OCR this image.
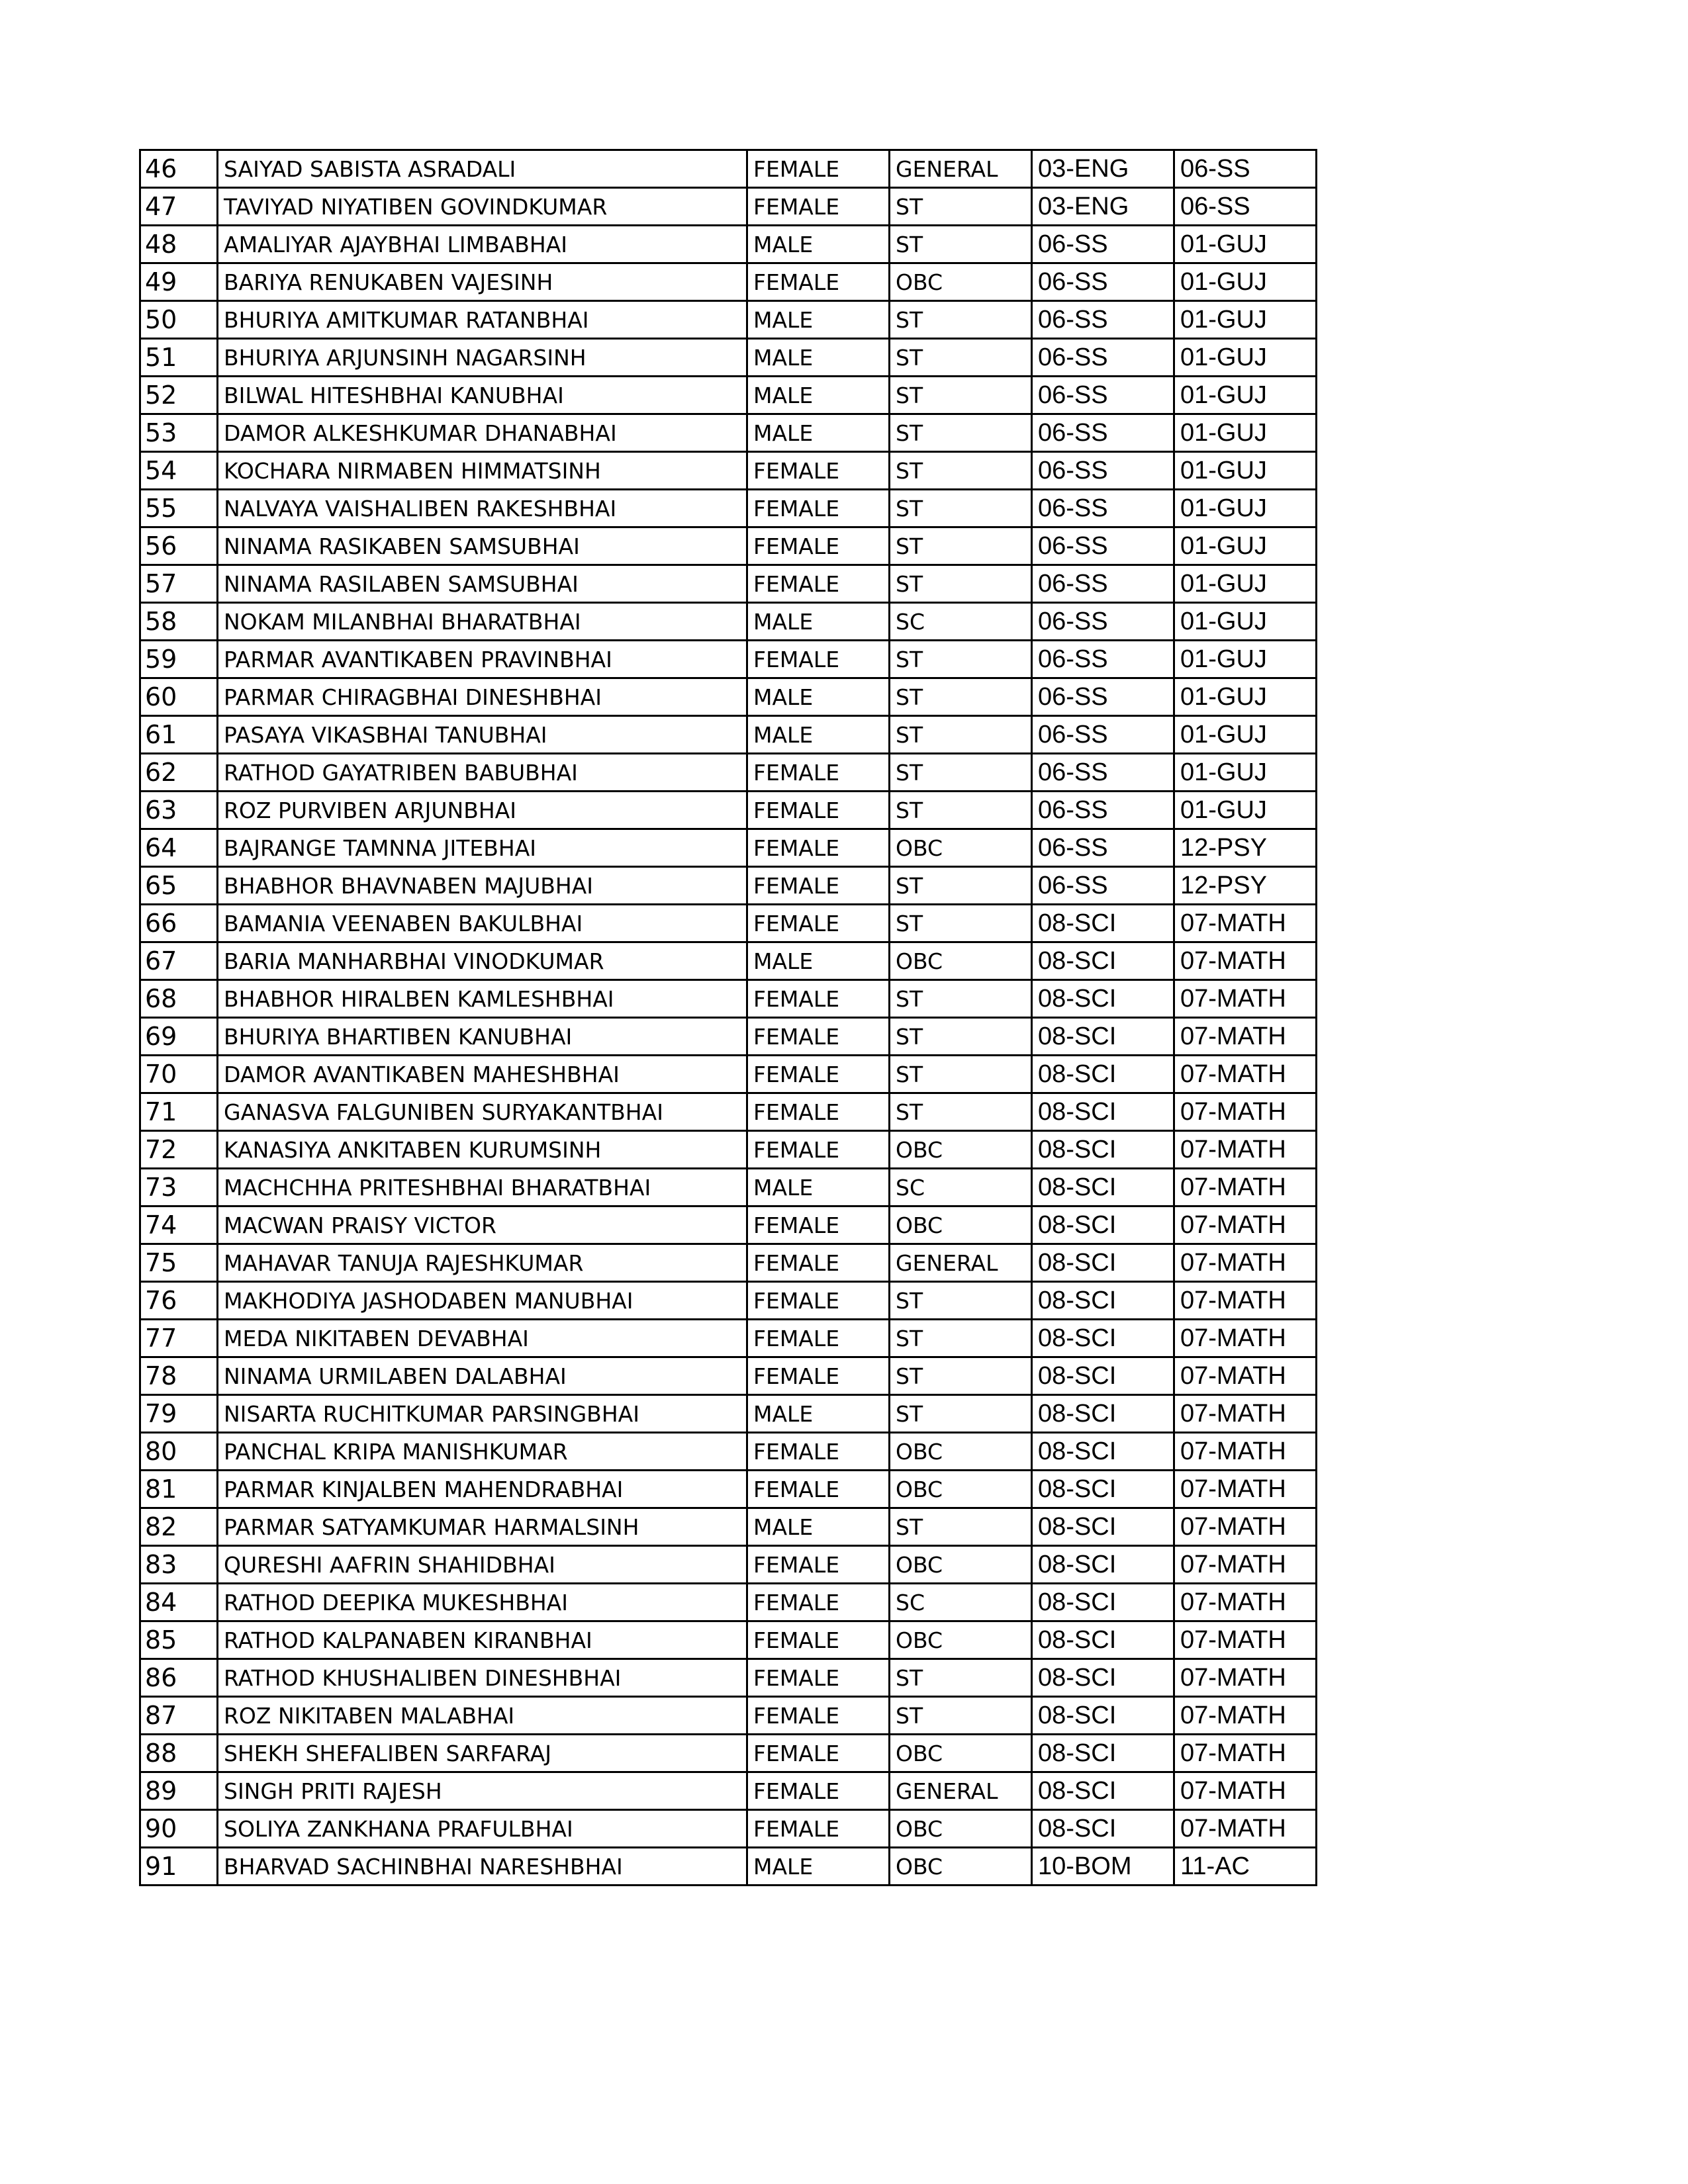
46	SAIYAD SABISTA ASRADALI	FEMALE	GENERAL	03-ENG	06-SS
47	TAVIYAD NIYATIBEN GOVINDKUMAR	FEMALE	ST	03-ENG	06-SS
48	AMALIYAR AJAYBHAI LIMBABHAI	MALE	ST	06-SS	01-GUJ
49	BARIYA RENUKABEN VAJESINH	FEMALE	OBC	06-SS	01-GUJ
50	BHURIYA AMITKUMAR RATANBHAI	MALE	ST	06-SS	01-GUJ
51	BHURIYA ARJUNSINH NAGARSINH	MALE	ST	06-SS	01-GUJ
52	BILWAL HITESHBHAI KANUBHAI	MALE	ST	06-SS	01-GUJ
53	DAMOR ALKESHKUMAR DHANABHAI	MALE	ST	06-SS	01-GUJ
54	KOCHARA NIRMABEN HIMMATSINH	FEMALE	ST	06-SS	01-GUJ
55	NALVAYA VAISHALIBEN RAKESHBHAI	FEMALE	ST	06-SS	01-GUJ
56	NINAMA RASIKABEN SAMSUBHAI	FEMALE	ST	06-SS	01-GUJ
57	NINAMA RASILABEN SAMSUBHAI	FEMALE	ST	06-SS	01-GUJ
58	NOKAM MILANBHAI BHARATBHAI	MALE	SC	06-SS	01-GUJ
59	PARMAR AVANTIKABEN PRAVINBHAI	FEMALE	ST	06-SS	01-GUJ
60	PARMAR CHIRAGBHAI DINESHBHAI	MALE	ST	06-SS	01-GUJ
61	PASAYA VIKASBHAI TANUBHAI	MALE	ST	06-SS	01-GUJ
62	RATHOD GAYATRIBEN BABUBHAI	FEMALE	ST	06-SS	01-GUJ
63	ROZ PURVIBEN ARJUNBHAI	FEMALE	ST	06-SS	01-GUJ
64	BAJRANGE TAMNNA JITEBHAI	FEMALE	OBC	06-SS	12-PSY
65	BHABHOR BHAVNABEN MAJUBHAI	FEMALE	ST	06-SS	12-PSY
66	BAMANIA VEENABEN BAKULBHAI	FEMALE	ST	08-SCI	07-MATH
67	BARIA MANHARBHAI VINODKUMAR	MALE	OBC	08-SCI	07-MATH
68	BHABHOR HIRALBEN KAMLESHBHAI	FEMALE	ST	08-SCI	07-MATH
69	BHURIYA BHARTIBEN KANUBHAI	FEMALE	ST	08-SCI	07-MATH
70	DAMOR AVANTIKABEN MAHESHBHAI	FEMALE	ST	08-SCI	07-MATH
71	GANASVA FALGUNIBEN SURYAKANTBHAI	FEMALE	ST	08-SCI	07-MATH
72	KANASIYA ANKITABEN KURUMSINH	FEMALE	OBC	08-SCI	07-MATH
73	MACHCHHA PRITESHBHAI BHARATBHAI	MALE	SC	08-SCI	07-MATH
74	MACWAN PRAISY VICTOR	FEMALE	OBC	08-SCI	07-MATH
75	MAHAVAR TANUJA RAJESHKUMAR	FEMALE	GENERAL	08-SCI	07-MATH
76	MAKHODIYA JASHODABEN MANUBHAI	FEMALE	ST	08-SCI	07-MATH
77	MEDA NIKITABEN DEVABHAI	FEMALE	ST	08-SCI	07-MATH
78	NINAMA URMILABEN DALABHAI	FEMALE	ST	08-SCI	07-MATH
79	NISARTA RUCHITKUMAR PARSINGBHAI	MALE	ST	08-SCI	07-MATH
80	PANCHAL KRIPA MANISHKUMAR	FEMALE	OBC	08-SCI	07-MATH
81	PARMAR KINJALBEN MAHENDRABHAI	FEMALE	OBC	08-SCI	07-MATH
82	PARMAR SATYAMKUMAR HARMALSINH	MALE	ST	08-SCI	07-MATH
83	QURESHI AAFRIN SHAHIDBHAI	FEMALE	OBC	08-SCI	07-MATH
84	RATHOD DEEPIKA MUKESHBHAI	FEMALE	SC	08-SCI	07-MATH
85	RATHOD KALPANABEN KIRANBHAI	FEMALE	OBC	08-SCI	07-MATH
86	RATHOD KHUSHALIBEN DINESHBHAI	FEMALE	ST	08-SCI	07-MATH
87	ROZ NIKITABEN MALABHAI	FEMALE	ST	08-SCI	07-MATH
88	SHEKH SHEFALIBEN SARFARAJ	FEMALE	OBC	08-SCI	07-MATH
89	SINGH PRITI RAJESH	FEMALE	GENERAL	08-SCI	07-MATH
90	SOLIYA ZANKHANA PRAFULBHAI	FEMALE	OBC	08-SCI	07-MATH
91	BHARVAD SACHINBHAI NARESHBHAI	MALE	OBC	10-BOM	11-AC
